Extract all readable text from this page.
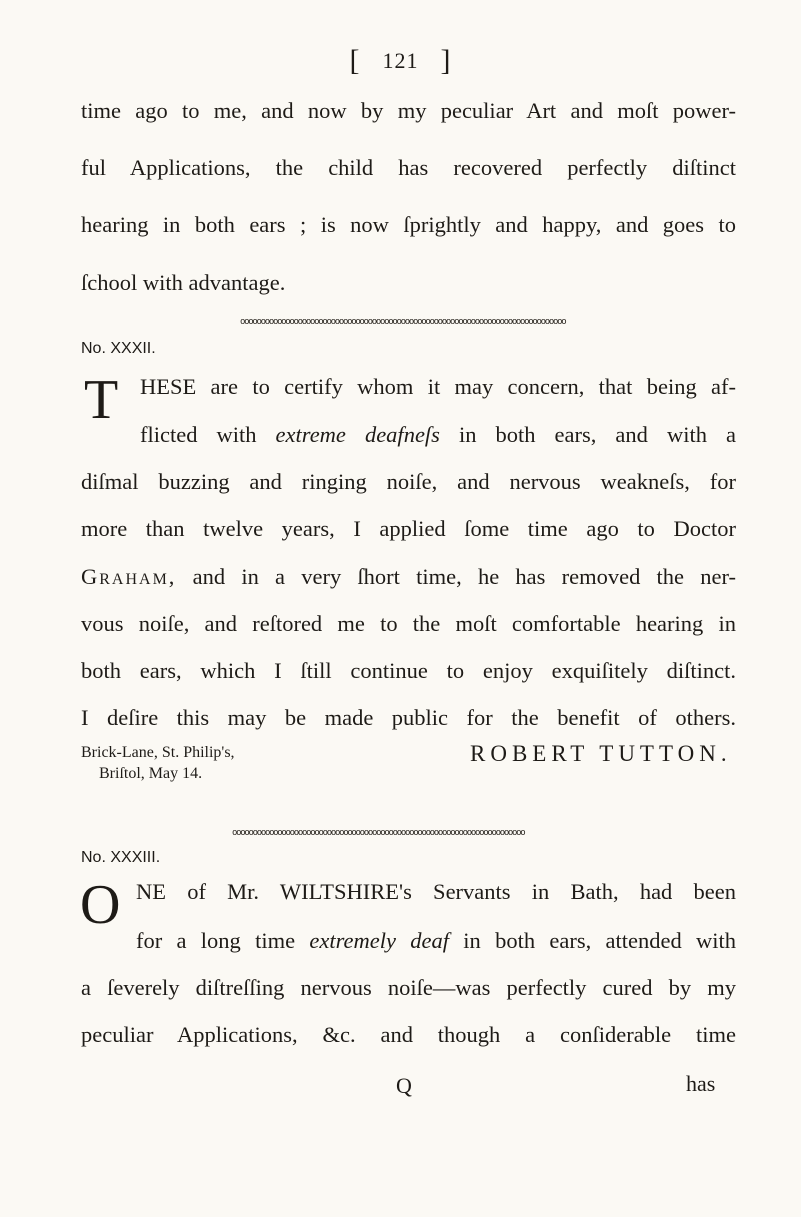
[ 121 ]
time ago to me, and now by my peculiar Art and moſt power-
ful Applications, the child has recovered perfectly diſtinct
hearing in both ears ; is now ſprightly and happy, and goes to
ſchool with advantage.
ooooooooooooooooooooooooooooooooooooooooooooooooooooooooooooooooooooooooooooooo
No. XXXII.
T HESE are to certify whom it may concern, that being af-
flicted with extreme deafneſs in both ears, and with a
diſmal buzzing and ringing noiſe, and nervous weakneſs, for
more than twelve years, I applied ſome time ago to Doctor
Graham, and in a very ſhort time, he has removed the ner-
vous noiſe, and reſtored me to the moſt comfortable hearing in
both ears, which I ſtill continue to enjoy exquiſitely diſtinct.
I deſire this may be made public for the benefit of others.
Brick-Lane, St. Philip's,
Briſtol, May 14.
ROBERT TUTTON.
ooooooooooooooooooooooooooooooooooooooooooooooooooooooooooooooooooooooo
No. XXXIII.
O NE of Mr. WILTSHIRE's Servants in Bath, had been
for a long time extremely deaf in both ears, attended with
a ſeverely diſtreſſing nervous noiſe—was perfectly cured by my
peculiar Applications, &c. and though a conſiderable time
Q	has
